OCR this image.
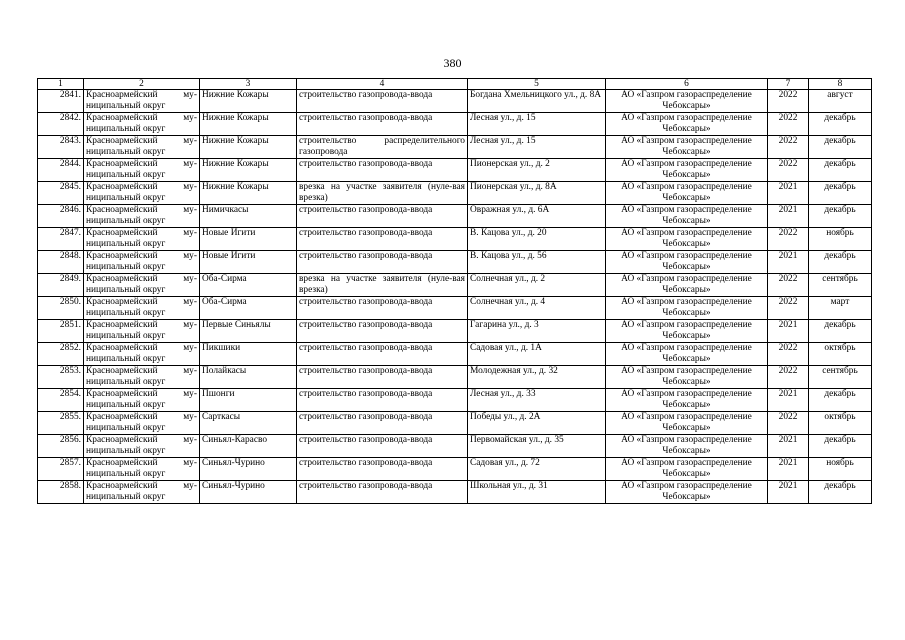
380
1	2	3	4	5	6	7	8
2841.	Красноармейский му-ниципальный округ	Нижние Кожары	строительство газопровода-ввода	Богдана Хмельницкого ул., д. 8А	АО «Газпром газораспределение Чебоксары»	2022	август
2842.	Красноармейский му-ниципальный округ	Нижние Кожары	строительство газопровода-ввода	Лесная ул., д. 15	АО «Газпром газораспределение Чебоксары»	2022	декабрь
2843.	Красноармейский му-ниципальный округ	Нижние Кожары	строительство распределительного газопровода	Лесная ул., д. 15	АО «Газпром газораспределение Чебоксары»	2022	декабрь
2844.	Красноармейский му-ниципальный округ	Нижние Кожары	строительство газопровода-ввода	Пионерская ул., д. 2	АО «Газпром газораспределение Чебоксары»	2022	декабрь
2845.	Красноармейский му-ниципальный округ	Нижние Кожары	врезка на участке заявителя (нуле-вая врезка)	Пионерская ул., д. 8А	АО «Газпром газораспределение Чебоксары»	2021	декабрь
2846.	Красноармейский му-ниципальный округ	Нимичкасы	строительство газопровода-ввода	Овражная ул., д. 6А	АО «Газпром газораспределение Чебоксары»	2021	декабрь
2847.	Красноармейский му-ниципальный округ	Новые Игити	строительство газопровода-ввода	В. Кацова ул., д. 20	АО «Газпром газораспределение Чебоксары»	2022	ноябрь
2848.	Красноармейский му-ниципальный округ	Новые Игити	строительство газопровода-ввода	В. Кацова ул., д. 56	АО «Газпром газораспределение Чебоксары»	2021	декабрь
2849.	Красноармейский му-ниципальный округ	Оба-Сирма	врезка на участке заявителя (нуле-вая врезка)	Солнечная ул., д. 2	АО «Газпром газораспределение Чебоксары»	2022	сентябрь
2850.	Красноармейский му-ниципальный округ	Оба-Сирма	строительство газопровода-ввода	Солнечная ул., д. 4	АО «Газпром газораспределение Чебоксары»	2022	март
2851.	Красноармейский му-ниципальный округ	Первые Синьялы	строительство газопровода-ввода	Гагарина ул., д. 3	АО «Газпром газораспределение Чебоксары»	2021	декабрь
2852.	Красноармейский му-ниципальный округ	Пикшики	строительство газопровода-ввода	Садовая ул., д. 1А	АО «Газпром газораспределение Чебоксары»	2022	октябрь
2853.	Красноармейский му-ниципальный округ	Полайкасы	строительство газопровода-ввода	Молодежная ул., д. 32	АО «Газпром газораспределение Чебоксары»	2022	сентябрь
2854.	Красноармейский му-ниципальный округ	Пшонги	строительство газопровода-ввода	Лесная ул., д. 33	АО «Газпром газораспределение Чебоксары»	2021	декабрь
2855.	Красноармейский му-ниципальный округ	Сарткасы	строительство газопровода-ввода	Победы ул., д. 2А	АО «Газпром газораспределение Чебоксары»	2022	октябрь
2856.	Красноармейский му-ниципальный округ	Синьял-Карасво	строительство газопровода-ввода	Первомайская ул., д. 35	АО «Газпром газораспределение Чебоксары»	2021	декабрь
2857.	Красноармейский му-ниципальный округ	Синьял-Чурино	строительство газопровода-ввода	Садовая ул., д. 72	АО «Газпром газораспределение Чебоксары»	2021	ноябрь
2858.	Красноармейский му-ниципальный округ	Синьял-Чурино	строительство газопровода-ввода	Школьная ул., д. 31	АО «Газпром газораспределение Чебоксары»	2021	декабрь
